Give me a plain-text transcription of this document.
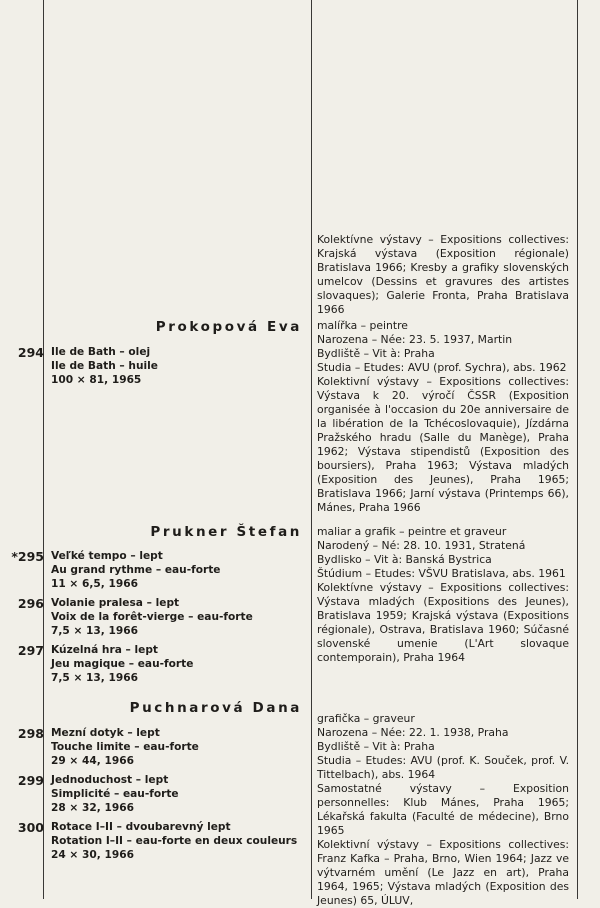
Kolektívne výstavy – Expositions collectives: Krajská výstava (Exposition régionale) Bratislava 1966; Kresby a grafiky slovenských umelcov (Dessins et gravures des artistes slovaques); Galerie Fronta, Praha Bratislava 1966

Prokopová Eva
294 Ile de Bath – olej
Ile de Bath – huile
100 × 81, 1965

malířka – peintre

Narozena – Née: 23. 5. 1937, Martin

Bydliště – Vit à: Praha

Studia – Etudes: AVU (prof. Sychra), abs. 1962

Kolektivní výstavy – Expositions collectives: Výstava k 20. výročí ČSSR (Exposition organisée à l'occasion du 20e anniversaire de la libération de la Tchécoslovaquie), Jízdárna Pražského hradu (Salle du Manège), Praha 1962; Výstava stipendistů (Exposition des boursiers), Praha 1963; Výstava mladých (Exposition des Jeunes), Praha 1965; Bratislava 1966; Jarní výstava (Printemps 66), Mánes, Praha 1966

Prukner Štefan
*295 Veľké tempo – lept
Au grand rythme – eau-forte
11 × 6,5, 1966
296 Volanie pralesa – lept
Voix de la forêt-vierge – eau-forte
7,5 × 13, 1966
297 Kúzelná hra – lept
Jeu magique – eau-forte
7,5 × 13, 1966

maliar a grafik – peintre et graveur

Narodený – Né: 28. 10. 1931, Stratená

Bydlisko – Vit à: Banská Bystrica

Štúdium – Etudes: VŠVU Bratislava, abs. 1961

Kolektívne výstavy – Expositions collectives: Výstava mladých (Expositions des Jeunes), Bratislava 1959; Krajská výstava (Expositions régionale), Ostrava, Bratislava 1960; Súčasné slovenské umenie (L'Art slovaque contemporain), Praha 1964

Puchnarová Dana
298 Mezní dotyk – lept
Touche limite – eau-forte
29 × 44, 1966
299 Jednoduchost – lept
Simplicité – eau-forte
28 × 32, 1966
300 Rotace I–II – dvoubarevný lept
Rotation I–II – eau-forte en deux couleurs
24 × 30, 1966

grafička – graveur

Narozena – Née: 22. 1. 1938, Praha

Bydliště – Vit à: Praha

Studia – Etudes: AVU (prof. K. Souček, prof. V. Tittelbach), abs. 1964

Samostatné výstavy – Exposition personnelles: Klub Mánes, Praha 1965; Lékařská fakulta (Faculté de médecine), Brno 1965

Kolektivní výstavy – Expositions collectives: Franz Kafka – Praha, Brno, Wien 1964; Jazz ve výtvarném umění (Le Jazz en art), Praha 1964, 1965; Výstava mladých (Exposition des Jeunes) 65, ÚLUV,
